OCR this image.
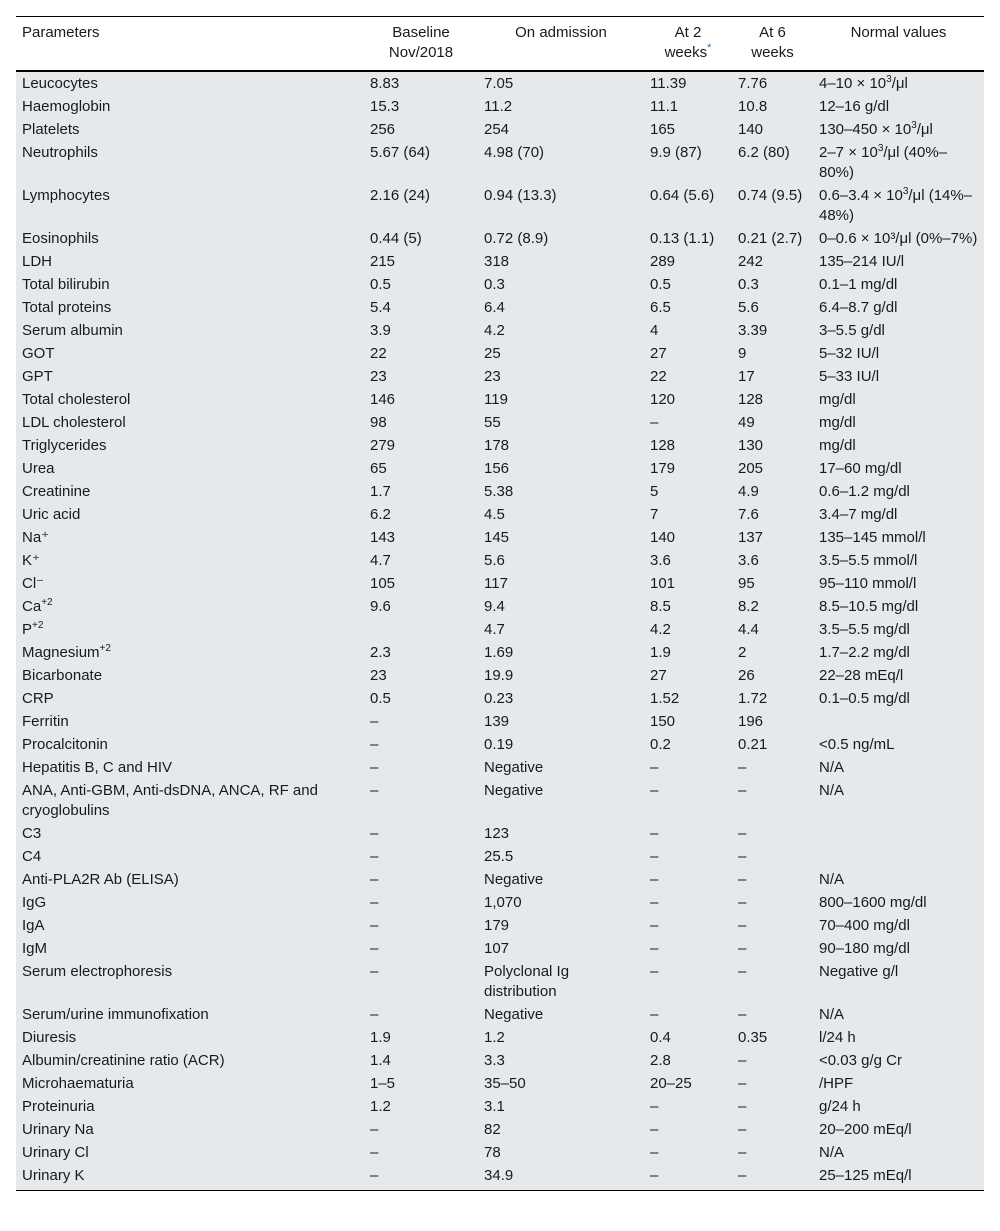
Parameters	Baseline Nov/2018	On admission	At 2 weeks*	At 6 weeks	Normal values
Leucocytes	8.83	7.05	11.39	7.76	$4-10 \times 10^3/\mu l$
Haemoglobin	15.3	11.2	11.1	10.8	12–16 g/dl
Platelets	256	254	165	140	$130-450 \times 10^3/\mu l$
Neutrophils	5.67 (64)	4.98 (70)	9.9 (87)	6.2 (80)	$2-7 \times 10^3/\mu l$ (40%–80%)
Lymphocytes	2.16 (24)	0.94 (13.3)	0.64 (5.6)	0.74 (9.5)	$0.6-3.4 \times 10^3/\mu l$ (14%–48%)
Eosinophils	0.44 (5)	0.72 (8.9)	0.13 (1.1)	0.21 (2.7)	0–0.6 × 10³/μl (0%–7%)
LDH	215	318	289	242	135–214 IU/l
Total bilirubin	0.5	0.3	0.5	0.3	0.1–1 mg/dl
Total proteins	5.4	6.4	6.5	5.6	6.4–8.7 g/dl
Serum albumin	3.9	4.2	4	3.39	3–5.5 g/dl
GOT	22	25	27	9	5–32 IU/l
GPT	23	23	22	17	5–33 IU/l
Total cholesterol	146	119	120	128	mg/dl
LDL cholesterol	98	55	–	49	mg/dl
Triglycerides	279	178	128	130	mg/dl
Urea	65	156	179	205	17–60 mg/dl
Creatinine	1.7	5.38	5	4.9	0.6–1.2 mg/dl
Uric acid	6.2	4.5	7	7.6	3.4–7 mg/dl
Na⁺	143	145	140	137	135–145 mmol/l
K⁺	4.7	5.6	3.6	3.6	3.5–5.5 mmol/l
Cl⁻	105	117	101	95	95–110 mmol/l
$Ca^{+2}$	9.6	9.4	8.5	8.2	8.5–10.5 mg/dl
$P^{+2}$		4.7	4.2	4.4	3.5–5.5 mg/dl
Magnesium$^{+2}$	2.3	1.69	1.9	2	1.7–2.2 mg/dl
Bicarbonate	23	19.9	27	26	22–28 mEq/l
CRP	0.5	0.23	1.52	1.72	0.1–0.5 mg/dl
Ferritin	–	139	150	196	
Procalcitonin	–	0.19	0.2	0.21	<0.5 ng/mL
Hepatitis B, C and HIV	–	Negative	–	–	N/A
ANA, Anti-GBM, Anti-dsDNA, ANCA, RF and cryoglobulins	–	Negative	–	–	N/A
C3	–	123	–	–	
C4	–	25.5	–	–	
Anti-PLA2R Ab (ELISA)	–	Negative	–	–	N/A
IgG	–	1,070	–	–	800–1600 mg/dl
IgA	–	179	–	–	70–400 mg/dl
IgM	–	107	–	–	90–180 mg/dl
Serum electrophoresis	–	Polyclonal Ig distribution	–	–	Negative g/l
Serum/urine immunofixation	–	Negative	–	–	N/A
Diuresis	1.9	1.2	0.4	0.35	l/24 h
Albumin/creatinine ratio (ACR)	1.4	3.3	2.8	–	<0.03 g/g Cr
Microhaematuria	1–5	35–50	20–25	–	/HPF
Proteinuria	1.2	3.1	–	–	g/24 h
Urinary Na	–	82	–	–	20–200 mEq/l
Urinary Cl	–	78	–	–	N/A
Urinary K	–	34.9	–	–	25–125 mEq/l
